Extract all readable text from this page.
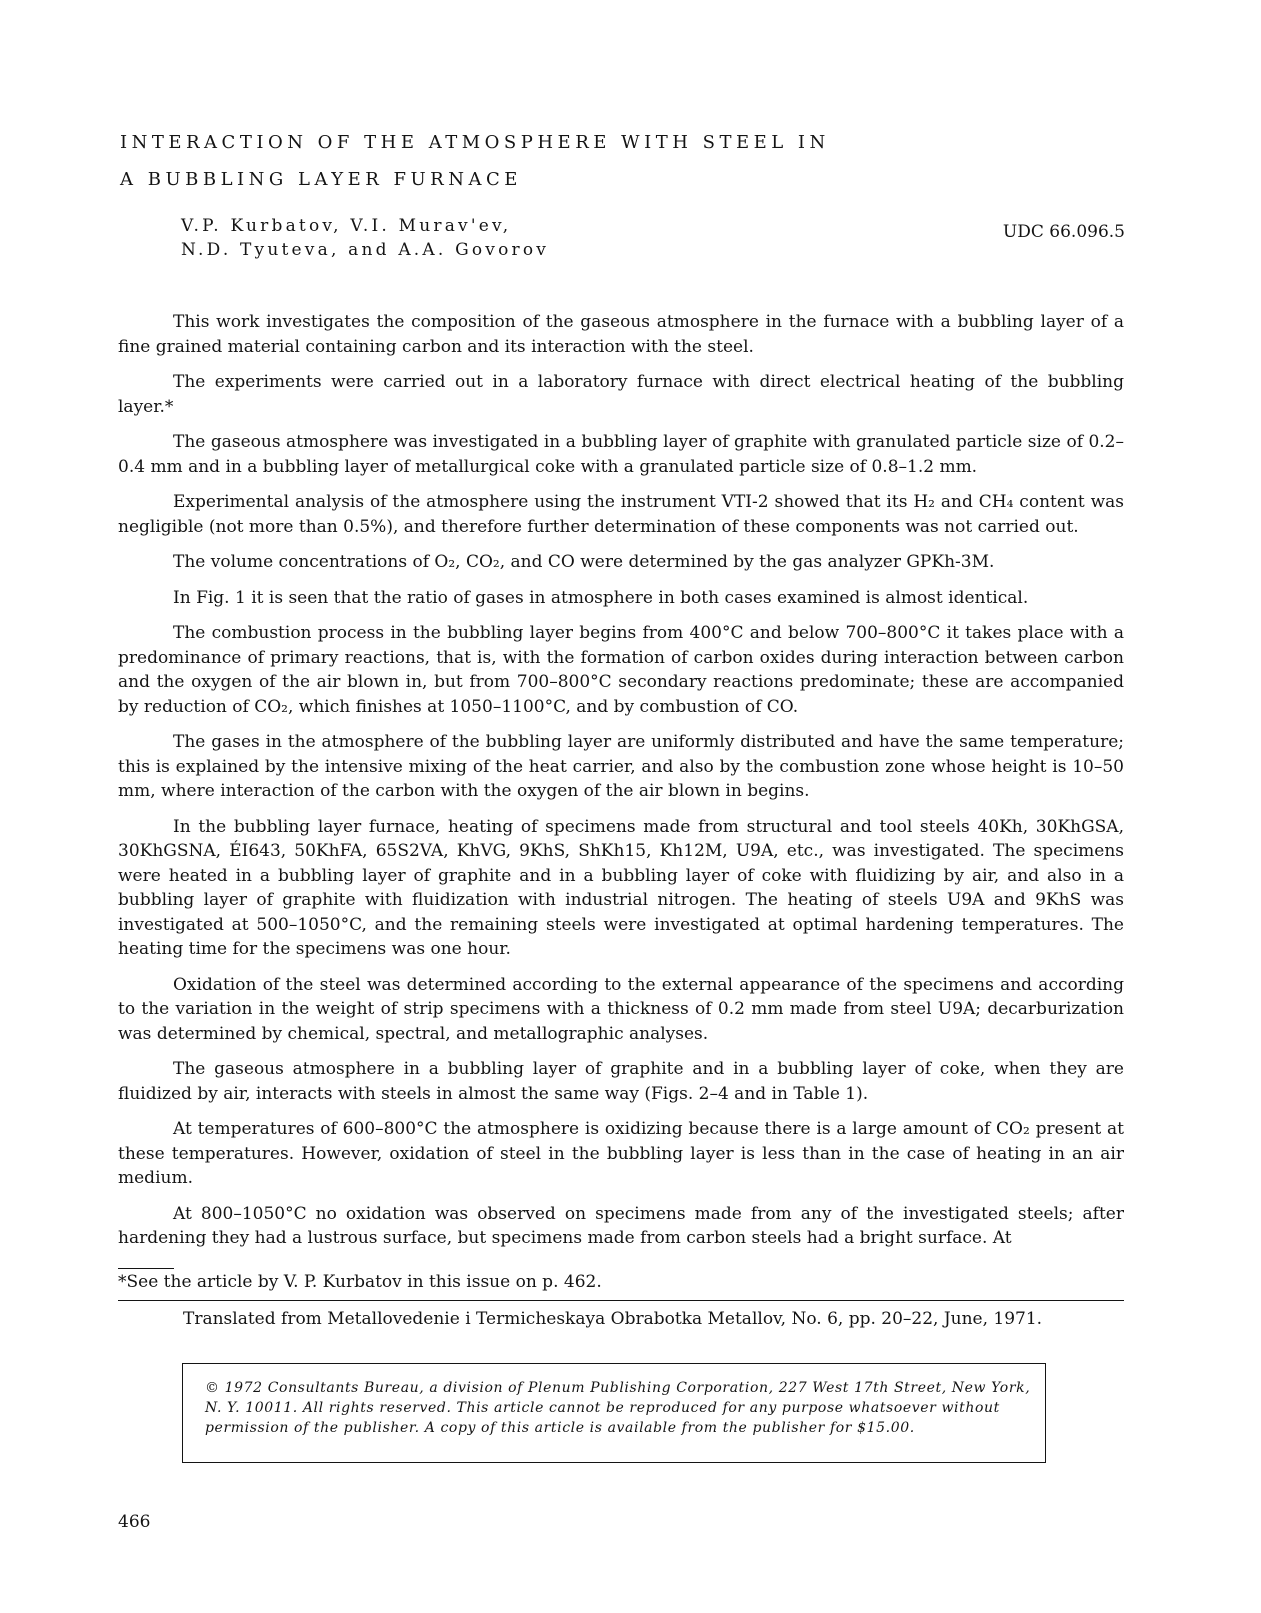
INTERACTION OF THE ATMOSPHERE WITH STEEL IN
A BUBBLING LAYER FURNACE
V.P. Kurbatov, V.I. Murav'ev,
N.D. Tyuteva, and A.A. Govorov
UDC 66.096.5

This work investigates the composition of the gaseous atmosphere in the furnace with a bubbling layer of a fine grained material containing carbon and its interaction with the steel.

The experiments were carried out in a laboratory furnace with direct electrical heating of the bubbling layer.*

The gaseous atmosphere was investigated in a bubbling layer of graphite with granulated particle size of 0.2–0.4 mm and in a bubbling layer of metallurgical coke with a granulated particle size of 0.8–1.2 mm.

Experimental analysis of the atmosphere using the instrument VTI-2 showed that its H₂ and CH₄ content was negligible (not more than 0.5%), and therefore further determination of these components was not carried out.

The volume concentrations of O₂, CO₂, and CO were determined by the gas analyzer GPKh-3M.

In Fig. 1 it is seen that the ratio of gases in atmosphere in both cases examined is almost identical.

The combustion process in the bubbling layer begins from 400°C and below 700–800°C it takes place with a predominance of primary reactions, that is, with the formation of carbon oxides during interaction between carbon and the oxygen of the air blown in, but from 700–800°C secondary reactions predominate; these are accompanied by reduction of CO₂, which finishes at 1050–1100°C, and by combustion of CO.

The gases in the atmosphere of the bubbling layer are uniformly distributed and have the same temperature; this is explained by the intensive mixing of the heat carrier, and also by the combustion zone whose height is 10–50 mm, where interaction of the carbon with the oxygen of the air blown in begins.

In the bubbling layer furnace, heating of specimens made from structural and tool steels 40Kh, 30KhGSA, 30KhGSNA, ÉI643, 50KhFA, 65S2VA, KhVG, 9KhS, ShKh15, Kh12M, U9A, etc., was investigated. The specimens were heated in a bubbling layer of graphite and in a bubbling layer of coke with fluidizing by air, and also in a bubbling layer of graphite with fluidization with industrial nitrogen. The heating of steels U9A and 9KhS was investigated at 500–1050°C, and the remaining steels were investigated at optimal hardening temperatures. The heating time for the specimens was one hour.

Oxidation of the steel was determined according to the external appearance of the specimens and according to the variation in the weight of strip specimens with a thickness of 0.2 mm made from steel U9A; decarburization was determined by chemical, spectral, and metallographic analyses.

The gaseous atmosphere in a bubbling layer of graphite and in a bubbling layer of coke, when they are fluidized by air, interacts with steels in almost the same way (Figs. 2–4 and in Table 1).

At temperatures of 600–800°C the atmosphere is oxidizing because there is a large amount of CO₂ present at these temperatures. However, oxidation of steel in the bubbling layer is less than in the case of heating in an air medium.

At 800–1050°C no oxidation was observed on specimens made from any of the investigated steels; after hardening they had a lustrous surface, but specimens made from carbon steels had a bright surface. At

*See the article by V. P. Kurbatov in this issue on p. 462.
Translated from Metallovedenie i Termicheskaya Obrabotka Metallov, No. 6, pp. 20–22, June, 1971.
© 1972 Consultants Bureau, a division of Plenum Publishing Corporation, 227 West 17th Street, New York,
N. Y. 10011. All rights reserved. This article cannot be reproduced for any purpose whatsoever without
permission of the publisher. A copy of this article is available from the publisher for $15.00.
466
